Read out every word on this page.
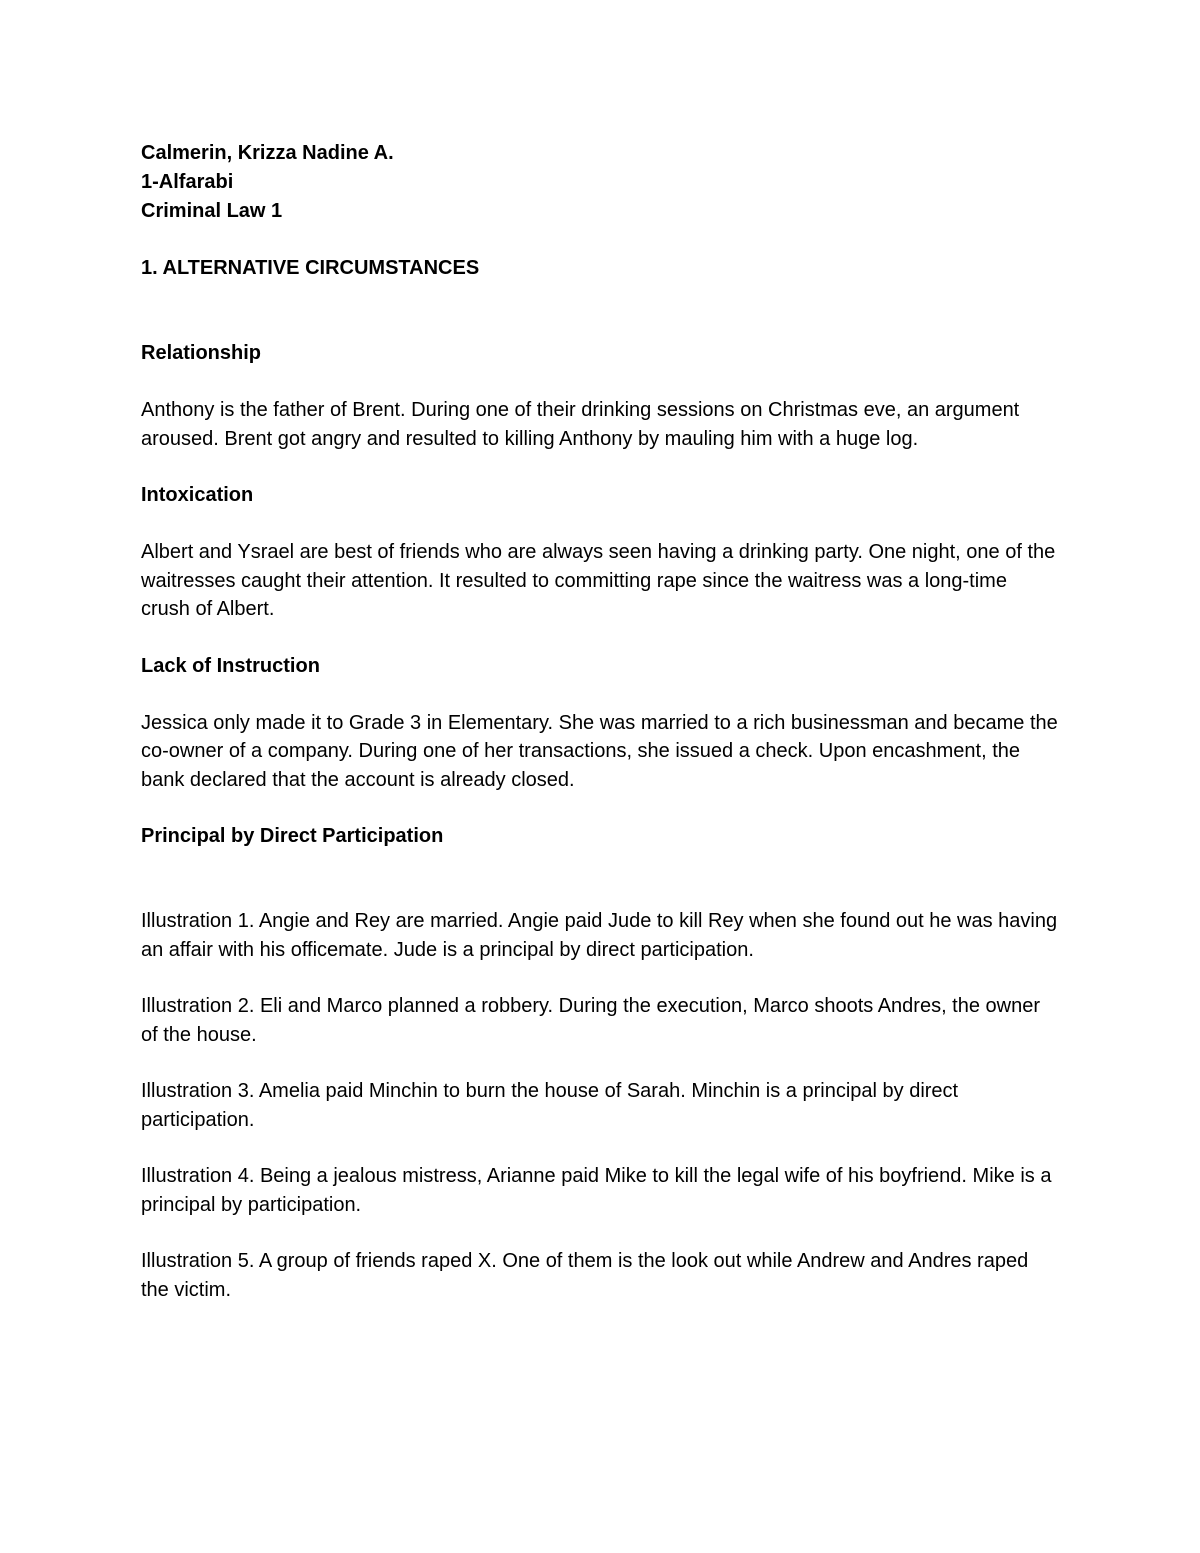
Calmerin, Krizza Nadine A.

1-Alfarabi

Criminal Law 1

1. ALTERNATIVE CIRCUMSTANCES

Relationship

Anthony is the father of Brent. During one of their drinking sessions on Christmas eve, an argument aroused. Brent got angry and resulted to killing Anthony by mauling him with a huge log.

Intoxication

Albert and Ysrael are best of friends who are always seen having a drinking party. One night, one of the waitresses caught their attention. It resulted to committing rape since the waitress was a long-time crush of Albert.

Lack of Instruction

Jessica only made it to Grade 3 in Elementary. She was married to a rich businessman and became the co-owner of a company. During one of her transactions, she issued a check. Upon encashment, the bank declared that the account is already closed.

Principal by Direct Participation

Illustration 1. Angie and Rey are married. Angie paid Jude to kill Rey when she found out he was having an affair with his officemate. Jude is a principal by direct participation.

Illustration 2. Eli and Marco planned a robbery. During the execution, Marco shoots Andres, the owner of the house.

Illustration 3. Amelia paid Minchin to burn the house of Sarah. Minchin is a principal by direct participation.

Illustration 4. Being a jealous mistress, Arianne paid Mike to kill the legal wife of his boyfriend. Mike is a principal by participation.

Illustration 5. A group of friends raped X. One of them is the look out while Andrew and Andres raped the victim.
